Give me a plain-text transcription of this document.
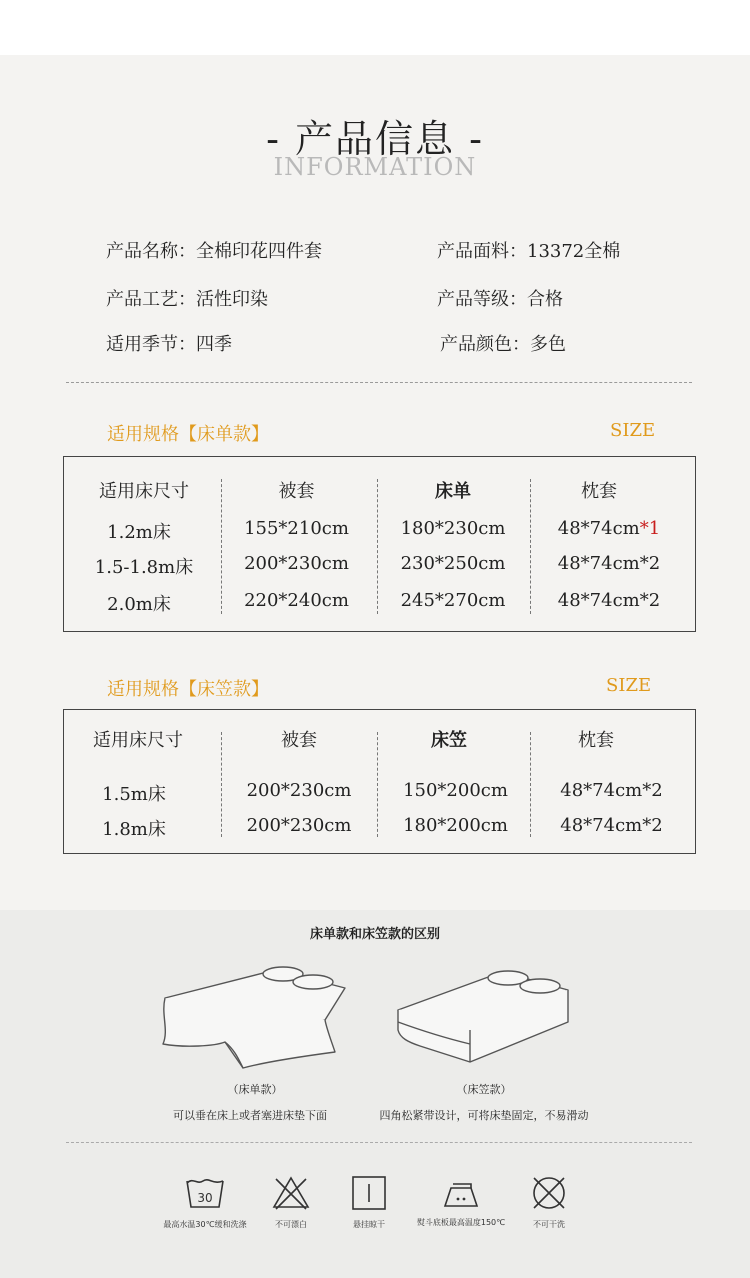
- 产品信息 -
INFORMATION
产品名称：全棉印花四件套	产品面料：13372全棉
产品工艺：活性印染	产品等级：合格
适用季节：四季	产品颜色：多色
适用规格【床单款】	SIZE
适用床尺寸	被套	床单	枕套
1.2m床	155*210cm	180*230cm	48*74cm*1
1.5-1.8m床	200*230cm	230*250cm	48*74cm*2
2.0m床	220*240cm	245*270cm	48*74cm*2
适用规格【床笠款】	SIZE
适用床尺寸	被套	床笠	枕套
1.5m床	200*230cm	150*200cm	48*74cm*2
1.8m床	200*230cm	180*200cm	48*74cm*2
床单款和床笠款的区别
（床单款）
可以垂在床上或者塞进床垫下面
（床笠款）
四角松紧带设计，可将床垫固定，不易滑动
30
最高水温30℃缓和洗涤	不可漂白	悬挂晾干	熨斗底板最高温度150℃	不可干洗
